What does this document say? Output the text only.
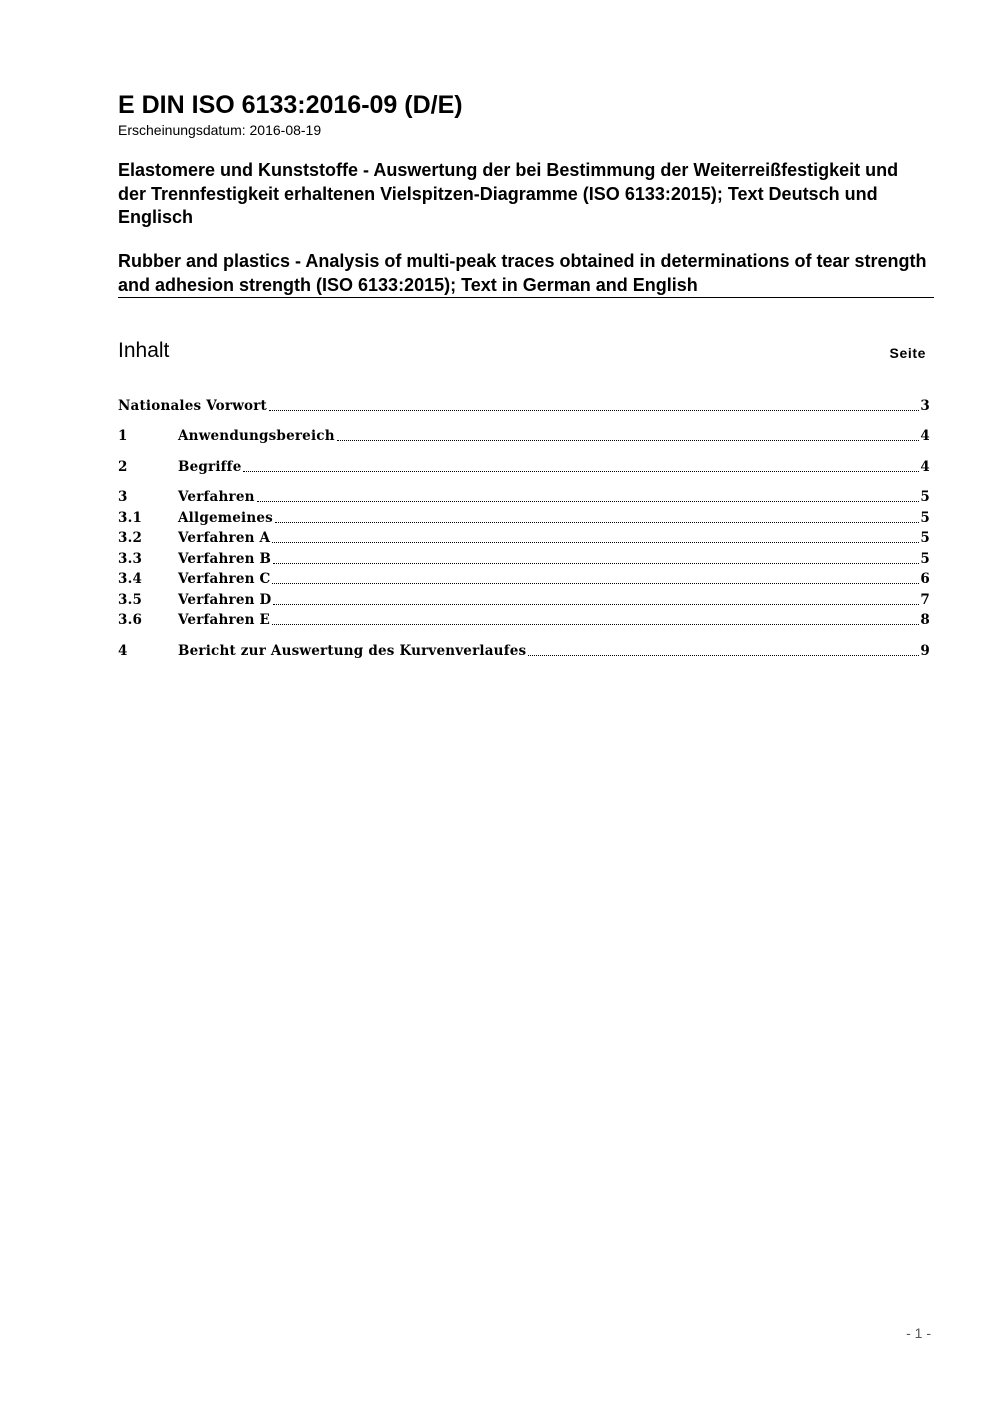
E DIN ISO 6133:2016-09 (D/E)
Erscheinungsdatum: 2016-08-19
Elastomere und Kunststoffe - Auswertung der bei Bestimmung der Weiterreißfestigkeit und der Trennfestigkeit erhaltenen Vielspitzen-Diagramme (ISO 6133:2015); Text Deutsch und Englisch
Rubber and plastics - Analysis of multi-peak traces obtained in determinations of tear strength and adhesion strength (ISO 6133:2015); Text in German and English
Inhalt	Seite
Nationales Vorwort	3
1	Anwendungsbereich	4
2	Begriffe	4
3	Verfahren	5
3.1	Allgemeines	5
3.2	Verfahren A	5
3.3	Verfahren B	5
3.4	Verfahren C	6
3.5	Verfahren D	7
3.6	Verfahren E	8
4	Bericht zur Auswertung des Kurvenverlaufes	9
- 1 -
